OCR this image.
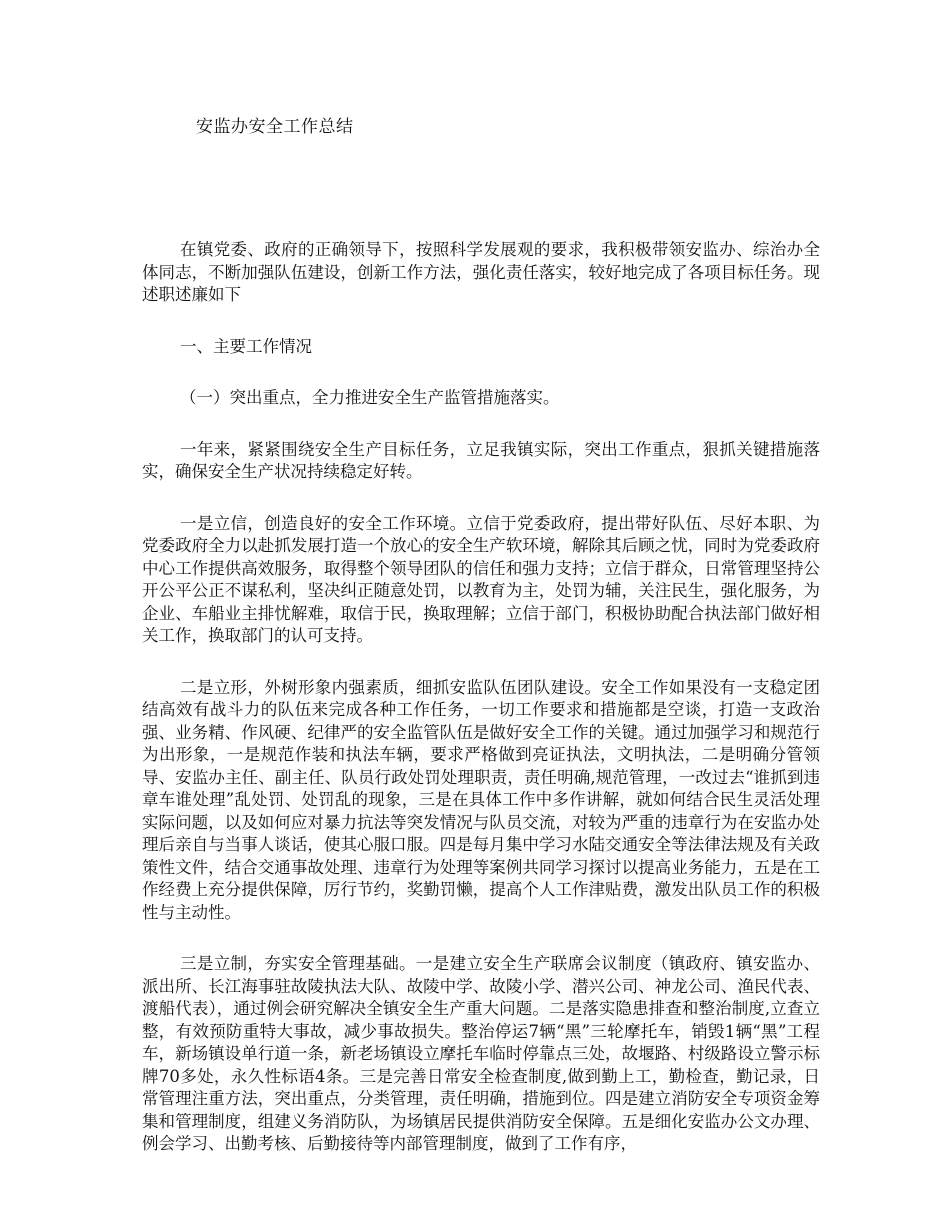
安监办安全工作总结

在镇党委、政府的正确领导下，按照科学发展观的要求，我积极带领安监办、综治办全体同志，不断加强队伍建设，创新工作方法，强化责任落实，较好地完成了各项目标任务。现述职述廉如下

一、主要工作情况

（一）突出重点，全力推进安全生产监管措施落实。

一年来，紧紧围绕安全生产目标任务，立足我镇实际，突出工作重点，狠抓关键措施落实，确保安全生产状况持续稳定好转。

一是立信，创造良好的安全工作环境。立信于党委政府，提出带好队伍、尽好本职、为党委政府全力以赴抓发展打造一个放心的安全生产软环境，解除其后顾之忧，同时为党委政府中心工作提供高效服务，取得整个领导团队的信任和强力支持；立信于群众，日常管理坚持公开公平公正不谋私利，坚决纠正随意处罚，以教育为主，处罚为辅，关注民生，强化服务，为企业、车船业主排忧解难，取信于民，换取理解；立信于部门，积极协助配合执法部门做好相关工作，换取部门的认可支持。

二是立形，外树形象内强素质，细抓安监队伍团队建设。安全工作如果没有一支稳定团结高效有战斗力的队伍来完成各种工作任务，一切工作要求和措施都是空谈，打造一支政治强、业务精、作风硬、纪律严的安全监管队伍是做好安全工作的关键。通过加强学习和规范行为出形象，一是规范作装和执法车辆，要求严格做到亮证执法，文明执法，二是明确分管领导、安监办主任、副主任、队员行政处罚处理职责，责任明确,规范管理，一改过去“谁抓到违章车谁处理”乱处罚、处罚乱的现象，三是在具体工作中多作讲解，就如何结合民生灵活处理实际问题，以及如何应对暴力抗法等突发情况与队员交流，对较为严重的违章行为在安监办处理后亲自与当事人谈话，使其心服口服。四是每月集中学习水陆交通安全等法律法规及有关政策性文件，结合交通事故处理、违章行为处理等案例共同学习探讨以提高业务能力，五是在工作经费上充分提供保障，厉行节约，奖勤罚懒，提高个人工作津贴费，激发出队员工作的积极性与主动性。

三是立制，夯实安全管理基础。一是建立安全生产联席会议制度（镇政府、镇安监办、派出所、长江海事驻故陵执法大队、故陵中学、故陵小学、潜兴公司、神龙公司、渔民代表、渡船代表），通过例会研究解决全镇安全生产重大问题。二是落实隐患排查和整治制度,立查立整，有效预防重特大事故，减少事故损失。整治停运7辆“黑”三轮摩托车，销毁1辆“黑”工程车，新场镇设单行道一条，新老场镇设立摩托车临时停靠点三处，故堰路、村级路设立警示标牌70多处，永久性标语4条。三是完善日常安全检查制度,做到勤上工，勤检查，勤记录，日常管理注重方法，突出重点，分类管理，责任明确，措施到位。四是建立消防安全专项资金筹集和管理制度，组建义务消防队，为场镇居民提供消防安全保障。五是细化安监办公文办理、例会学习、出勤考核、后勤接待等内部管理制度，做到了工作有序，
